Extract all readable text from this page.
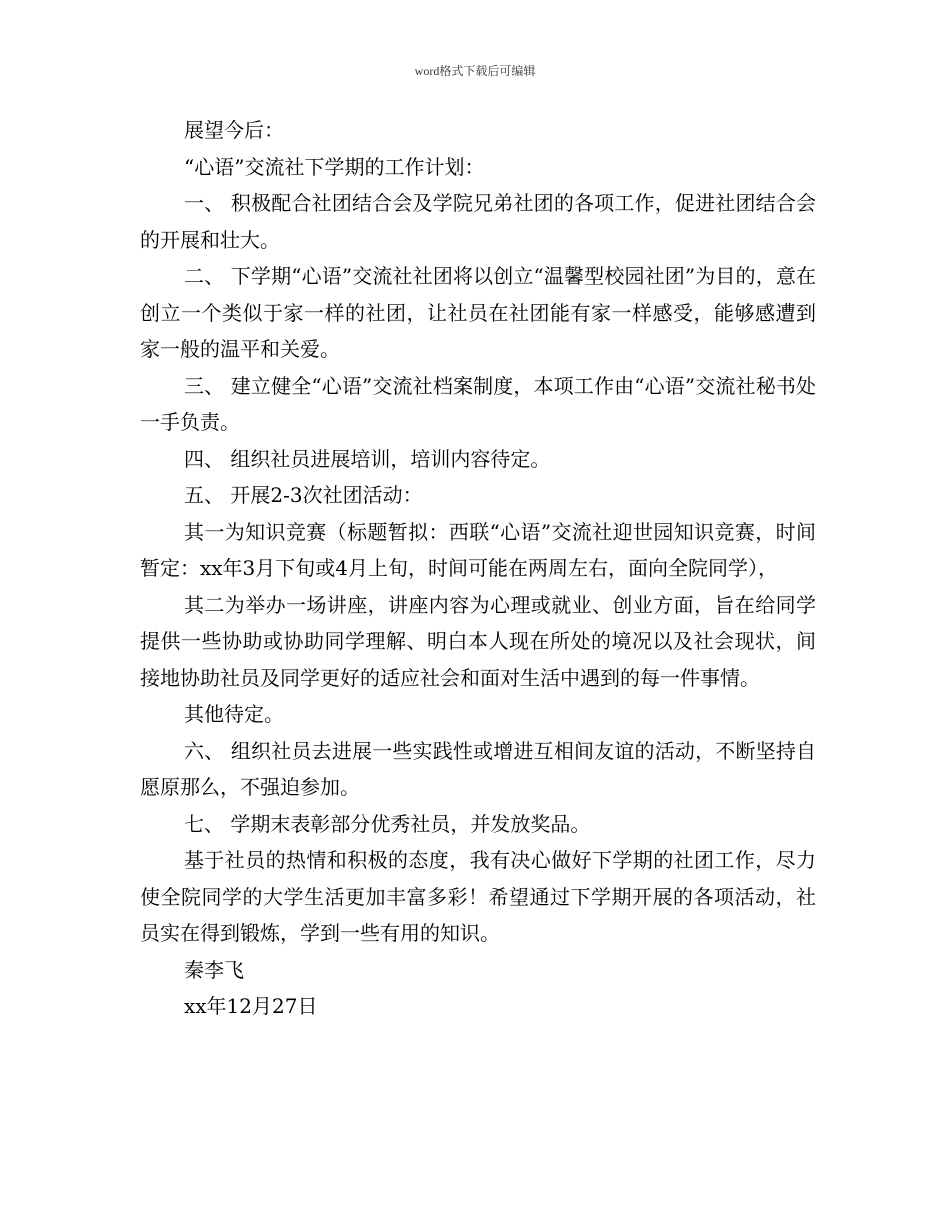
word格式下载后可编辑

展望今后：

“心语”交流社下学期的工作计划：

一、 积极配合社团结合会及学院兄弟社团的各项工作，促进社团结合会的开展和壮大。

二、 下学期“心语”交流社社团将以创立“温馨型校园社团”为目的，意在创立一个类似于家一样的社团，让社员在社团能有家一样感受，能够感遭到家一般的温平和关爱。

三、 建立健全“心语”交流社档案制度，本项工作由“心语”交流社秘书处一手负责。

四、 组织社员进展培训，培训内容待定。

五、 开展2-3次社团活动：

其一为知识竞赛（标题暂拟：西联“心语”交流社迎世园知识竞赛，时间暂定：xx年3月下旬或4月上旬，时间可能在两周左右，面向全院同学），

其二为举办一场讲座，讲座内容为心理或就业、创业方面，旨在给同学提供一些协助或协助同学理解、明白本人现在所处的境况以及社会现状，间接地协助社员及同学更好的适应社会和面对生活中遇到的每一件事情。

其他待定。

六、 组织社员去进展一些实践性或增进互相间友谊的活动，不断坚持自愿原那么，不强迫参加。

七、 学期末表彰部分优秀社员，并发放奖品。

基于社员的热情和积极的态度，我有决心做好下学期的社团工作，尽力使全院同学的大学生活更加丰富多彩！希望通过下学期开展的各项活动，社员实在得到锻炼，学到一些有用的知识。

秦李飞

xx年12月27日
